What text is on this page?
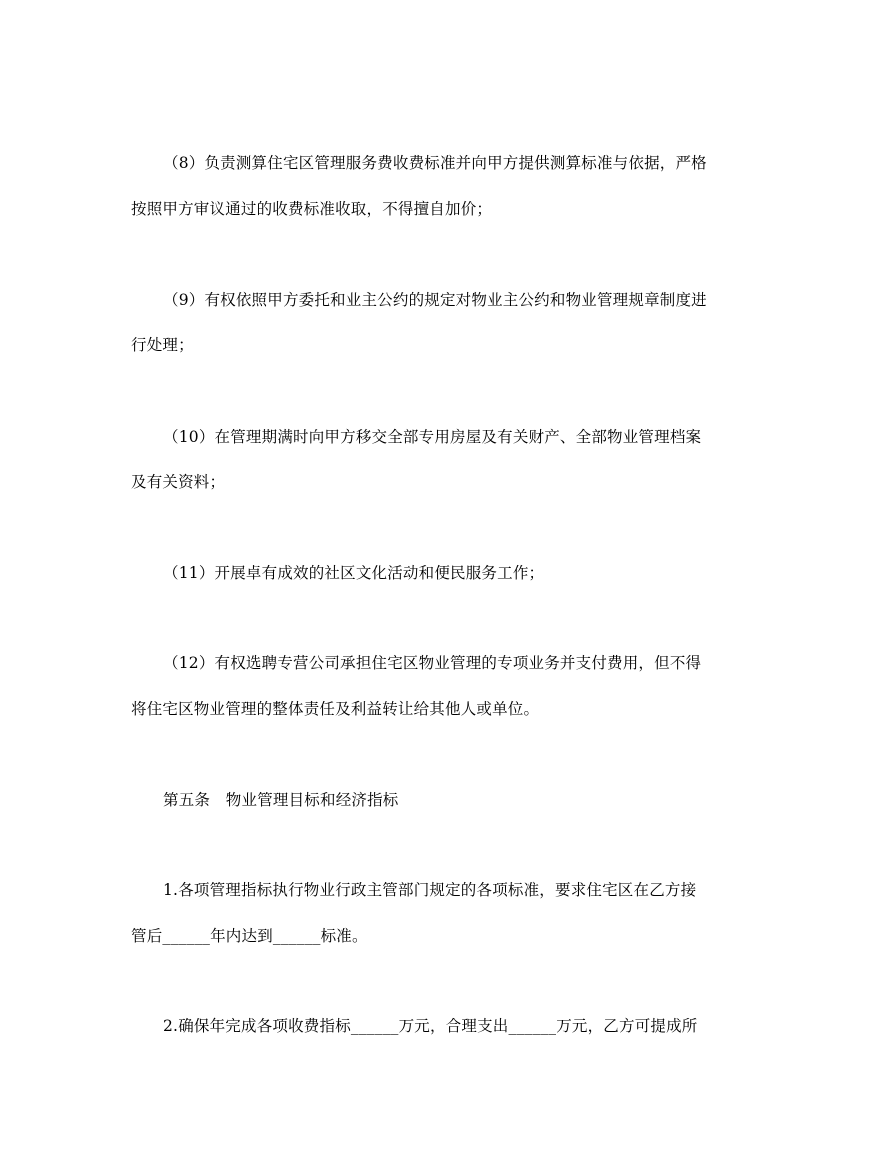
（8）负责测算住宅区管理服务费收费标准并向甲方提供测算标准与依据，严格
按照甲方审议通过的收费标准收取，不得擅自加价；
（9）有权依照甲方委托和业主公约的规定对物业主公约和物业管理规章制度进
行处理；
（10）在管理期满时向甲方移交全部专用房屋及有关财产、全部物业管理档案
及有关资料；
（11）开展卓有成效的社区文化活动和便民服务工作；
（12）有权选聘专营公司承担住宅区物业管理的专项业务并支付费用，但不得
将住宅区物业管理的整体责任及利益转让给其他人或单位。
第五条　物业管理目标和经济指标
1.各项管理指标执行物业行政主管部门规定的各项标准，要求住宅区在乙方接
管后______年内达到______标准。
2.确保年完成各项收费指标______万元，合理支出______万元，乙方可提成所
